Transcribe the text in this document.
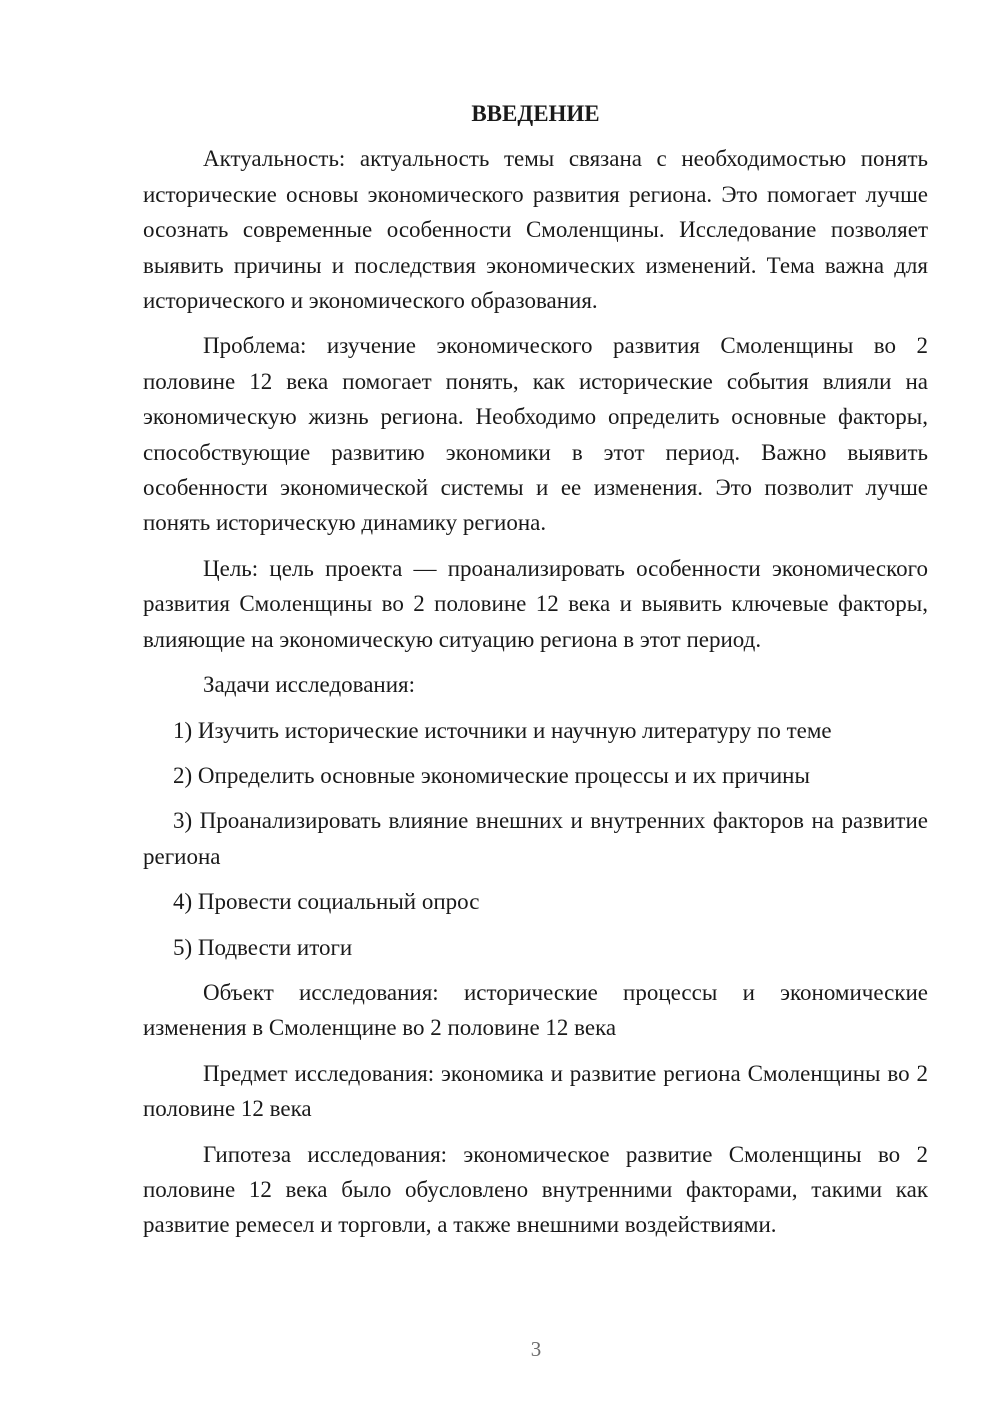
ВВЕДЕНИЕ
Актуальность: актуальность темы связана с необходимостью понять исторические основы экономического развития региона. Это помогает лучше осознать современные особенности Смоленщины. Исследование позволяет выявить причины и последствия экономических изменений. Тема важна для исторического и экономического образования.
Проблема: изучение экономического развития Смоленщины во 2 половине 12 века помогает понять, как исторические события влияли на экономическую жизнь региона. Необходимо определить основные факторы, способствующие развитию экономики в этот период. Важно выявить особенности экономической системы и ее изменения. Это позволит лучше понять историческую динамику региона.
Цель: цель проекта — проанализировать особенности экономического развития Смоленщины во 2 половине 12 века и выявить ключевые факторы, влияющие на экономическую ситуацию региона в этот период.
Задачи исследования:
1) Изучить исторические источники и научную литературу по теме
2) Определить основные экономические процессы и их причины
3) Проанализировать влияние внешних и внутренних факторов на развитие региона
4) Провести социальный опрос
5) Подвести итоги
Объект исследования: исторические процессы и экономические изменения в Смоленщине во 2 половине 12 века
Предмет исследования: экономика и развитие региона Смоленщины во 2 половине 12 века
Гипотеза исследования: экономическое развитие Смоленщины во 2 половине 12 века было обусловлено внутренними факторами, такими как развитие ремесел и торговли, а также внешними воздействиями.
3
